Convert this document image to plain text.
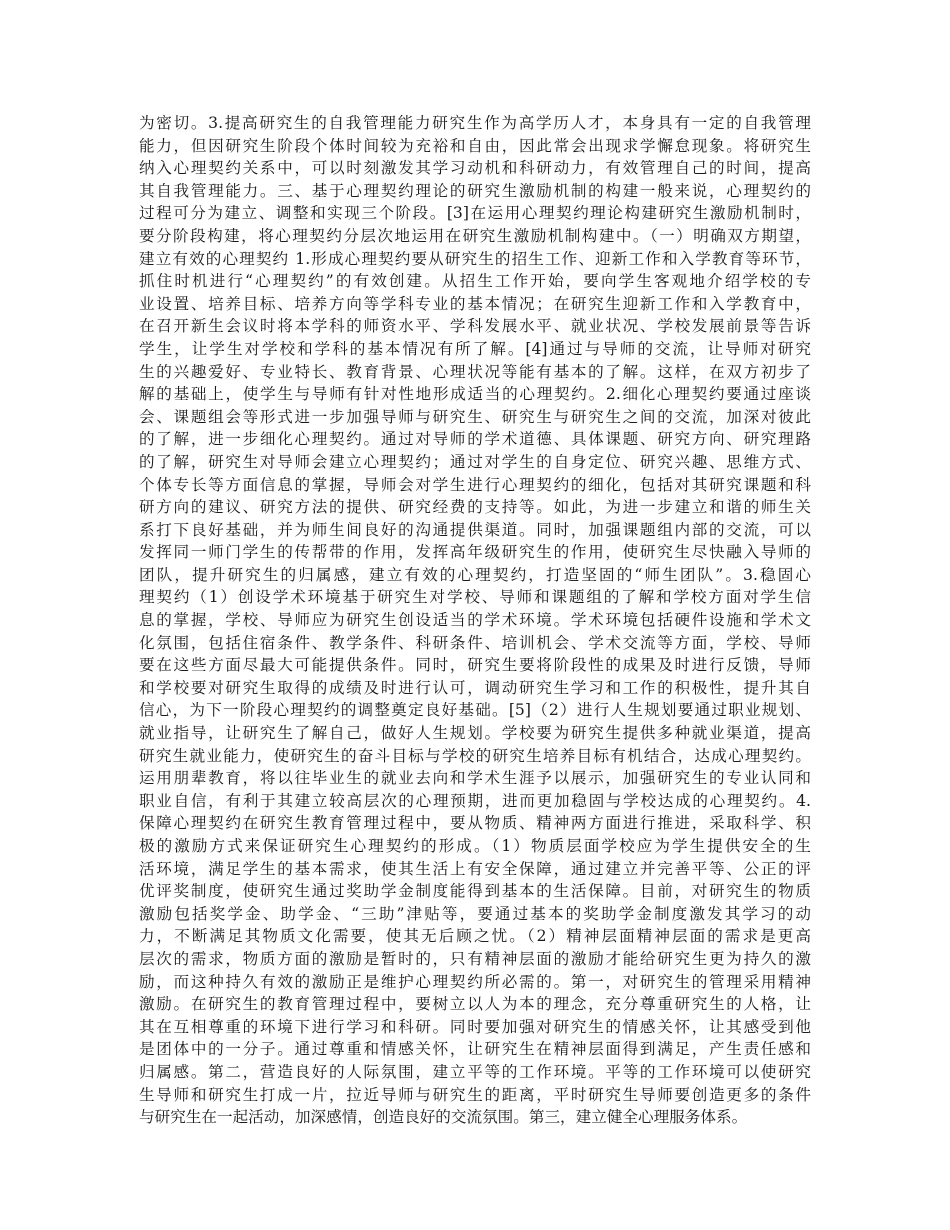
为密切。3.提高研究生的自我管理能力研究生作为高学历人才，本身具有一定的自我管理
能力，但因研究生阶段个体时间较为充裕和自由，因此常会出现求学懈怠现象。将研究生
纳入心理契约关系中，可以时刻激发其学习动机和科研动力，有效管理自己的时间，提高
其自我管理能力。三、基于心理契约理论的研究生激励机制的构建一般来说，心理契约的
过程可分为建立、调整和实现三个阶段。[3]在运用心理契约理论构建研究生激励机制时，
要分阶段构建，将心理契约分层次地运用在研究生激励机制构建中。（一）明确双方期望，
建立有效的心理契约 1.形成心理契约要从研究生的招生工作、迎新工作和入学教育等环节，
抓住时机进行“心理契约”的有效创建。从招生工作开始，要向学生客观地介绍学校的专
业设置、培养目标、培养方向等学科专业的基本情况；在研究生迎新工作和入学教育中，
在召开新生会议时将本学科的师资水平、学科发展水平、就业状况、学校发展前景等告诉
学生，让学生对学校和学科的基本情况有所了解。[4]通过与导师的交流，让导师对研究
生的兴趣爱好、专业特长、教育背景、心理状况等能有基本的了解。这样，在双方初步了
解的基础上，使学生与导师有针对性地形成适当的心理契约。2.细化心理契约要通过座谈
会、课题组会等形式进一步加强导师与研究生、研究生与研究生之间的交流，加深对彼此
的了解，进一步细化心理契约。通过对导师的学术道德、具体课题、研究方向、研究理路
的了解，研究生对导师会建立心理契约；通过对学生的自身定位、研究兴趣、思维方式、
个体专长等方面信息的掌握，导师会对学生进行心理契约的细化，包括对其研究课题和科
研方向的建议、研究方法的提供、研究经费的支持等。如此，为进一步建立和谐的师生关
系打下良好基础，并为师生间良好的沟通提供渠道。同时，加强课题组内部的交流，可以
发挥同一师门学生的传帮带的作用，发挥高年级研究生的作用，使研究生尽快融入导师的
团队，提升研究生的归属感，建立有效的心理契约，打造坚固的“师生团队”。3.稳固心
理契约（1）创设学术环境基于研究生对学校、导师和课题组的了解和学校方面对学生信
息的掌握，学校、导师应为研究生创设适当的学术环境。学术环境包括硬件设施和学术文
化氛围，包括住宿条件、教学条件、科研条件、培训机会、学术交流等方面，学校、导师
要在这些方面尽最大可能提供条件。同时，研究生要将阶段性的成果及时进行反馈，导师
和学校要对研究生取得的成绩及时进行认可，调动研究生学习和工作的积极性，提升其自
信心，为下一阶段心理契约的调整奠定良好基础。[5]（2）进行人生规划要通过职业规划、
就业指导，让研究生了解自己，做好人生规划。学校要为研究生提供多种就业渠道，提高
研究生就业能力，使研究生的奋斗目标与学校的研究生培养目标有机结合，达成心理契约。
运用朋辈教育，将以往毕业生的就业去向和学术生涯予以展示，加强研究生的专业认同和
职业自信，有利于其建立较高层次的心理预期，进而更加稳固与学校达成的心理契约。4.
保障心理契约在研究生教育管理过程中，要从物质、精神两方面进行推进，采取科学、积
极的激励方式来保证研究生心理契约的形成。（1）物质层面学校应为学生提供安全的生
活环境，满足学生的基本需求，使其生活上有安全保障，通过建立并完善平等、公正的评
优评奖制度，使研究生通过奖助学金制度能得到基本的生活保障。目前，对研究生的物质
激励包括奖学金、助学金、“三助”津贴等，要通过基本的奖助学金制度激发其学习的动
力，不断满足其物质文化需要，使其无后顾之忧。（2）精神层面精神层面的需求是更高
层次的需求，物质方面的激励是暂时的，只有精神层面的激励才能给研究生更为持久的激
励，而这种持久有效的激励正是维护心理契约所必需的。第一，对研究生的管理采用精神
激励。在研究生的教育管理过程中，要树立以人为本的理念，充分尊重研究生的人格，让
其在互相尊重的环境下进行学习和科研。同时要加强对研究生的情感关怀，让其感受到他
是团体中的一分子。通过尊重和情感关怀，让研究生在精神层面得到满足，产生责任感和
归属感。第二，营造良好的人际氛围，建立平等的工作环境。平等的工作环境可以使研究
生导师和研究生打成一片，拉近导师与研究生的距离，平时研究生导师要创造更多的条件
与研究生在一起活动，加深感情，创造良好的交流氛围。第三，建立健全心理服务体系。
